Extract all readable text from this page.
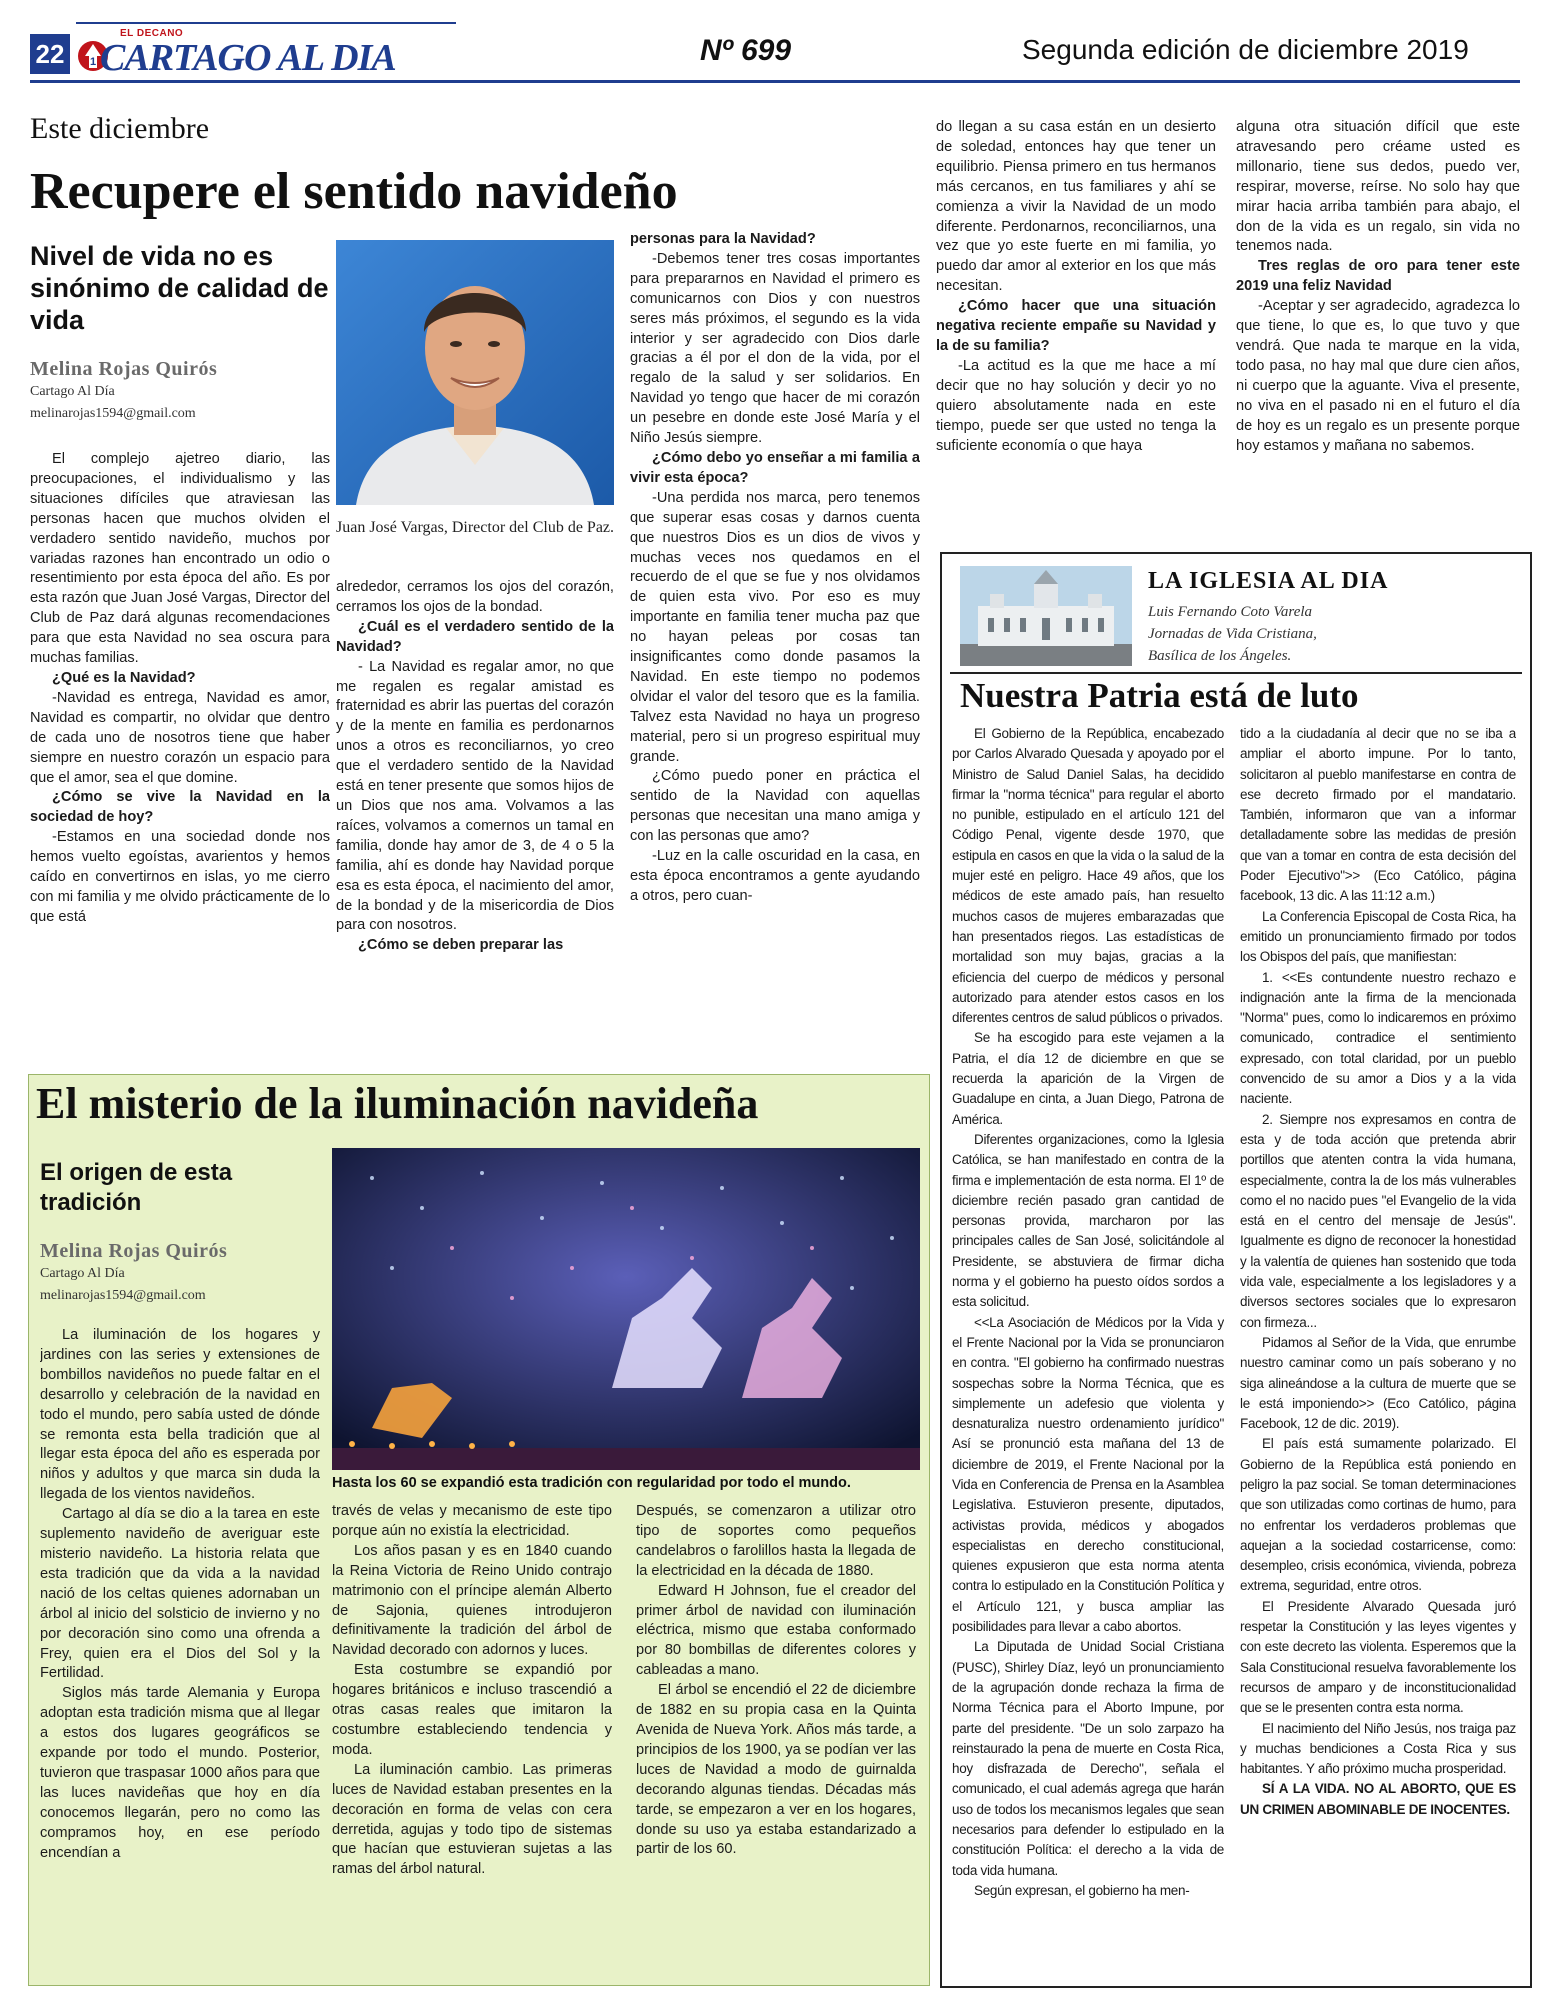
22	1
EL DECANO
CARTAGO AL DIA	Nº 699	Segunda edición de diciembre 2019
Este diciembre
Recupere el sentido navideño
Nivel de vida no es sinónimo de calidad de vida
Melina Rojas Quirós
Cartago Al Día
melinarojas1594@gmail.com
Juan José Vargas, Director del Club de Paz.

El complejo ajetreo diario, las preocupaciones, el individualismo y las situaciones difíciles que atraviesan las personas hacen que muchos olviden el verdadero sentido navideño, muchos por variadas razones han encontrado un odio o resentimiento por esta época del año. Es por esta razón que Juan José Vargas, Director del Club de Paz dará algunas recomendaciones para que esta Navidad no sea oscura para muchas familias.

¿Qué es la Navidad?

-Navidad es entrega, Navidad es amor, Navidad es compartir, no olvidar que dentro de cada uno de nosotros tiene que haber siempre en nuestro corazón un espacio para que el amor, sea el que domine.

¿Cómo se vive la Navidad en la sociedad de hoy?

-Estamos en una sociedad donde nos hemos vuelto egoístas, avarientos y hemos caído en convertirnos en islas, yo me cierro con mi familia y me olvido prácticamente de lo que está

alrededor, cerramos los ojos del corazón, cerramos los ojos de la bondad.

¿Cuál es el verdadero sentido de la Navidad?

- La Navidad es regalar amor, no que me regalen es regalar amistad es fraternidad es abrir las puertas del corazón y de la mente en familia es perdonarnos unos a otros es reconciliarnos, yo creo que el verdadero sentido de la Navidad está en tener presente que somos hijos de un Dios que nos ama. Volvamos a las raíces, volvamos a comernos un tamal en familia, donde hay amor de 3, de 4 o 5 la familia, ahí es donde hay Navidad porque esa es esta época, el nacimiento del amor, de la bondad y de la misericordia de Dios para con nosotros.

¿Cómo se deben preparar las

personas para la Navidad?

-Debemos tener tres cosas importantes para prepararnos en Navidad el primero es comunicarnos con Dios y con nuestros seres más próximos, el segundo es la vida interior y ser agradecido con Dios darle gracias a él por el don de la vida, por el regalo de la salud y ser solidarios. En Navidad yo tengo que hacer de mi corazón un pesebre en donde este José María y el Niño Jesús siempre.

¿Cómo debo yo enseñar a mi familia a vivir esta época?

-Una perdida nos marca, pero tenemos que superar esas cosas y darnos cuenta que nuestros Dios es un dios de vivos y muchas veces nos quedamos en el recuerdo de el que se fue y nos olvidamos de quien esta vivo. Por eso es muy importante en familia tener mucha paz que no hayan peleas por cosas tan insignificantes como donde pasamos la Navidad. En este tiempo no podemos olvidar el valor del tesoro que es la familia. Talvez esta Navidad no haya un progreso material, pero si un progreso espiritual muy grande.

¿Cómo puedo poner en práctica el sentido de la Navidad con aquellas personas que necesitan una mano amiga y con las personas que amo?

-Luz en la calle oscuridad en la casa, en esta época encontramos a gente ayudando a otros, pero cuan-

do llegan a su casa están en un desierto de soledad, entonces hay que tener un equilibrio. Piensa primero en tus hermanos más cercanos, en tus familiares y ahí se comienza a vivir la Navidad de un modo diferente. Perdonarnos, reconciliarnos, una vez que yo este fuerte en mi familia, yo puedo dar amor al exterior en los que más necesitan.

¿Cómo hacer que una situación negativa reciente empañe su Navidad y la de su familia?

-La actitud es la que me hace a mí decir que no hay solución y decir yo no quiero absolutamente nada en este tiempo, puede ser que usted no tenga la suficiente economía o que haya

alguna otra situación difícil que este atravesando pero créame usted es millonario, tiene sus dedos, puedo ver, respirar, moverse, reírse. No solo hay que mirar hacia arriba también para abajo, el don de la vida es un regalo, sin vida no tenemos nada.

Tres reglas de oro para tener este 2019 una feliz Navidad

-Aceptar y ser agradecido, agradezca lo que tiene, lo que es, lo que tuvo y que vendrá. Que nada te marque en la vida, todo pasa, no hay mal que dure cien años, ni cuerpo que la aguante. Viva el presente, no viva en el pasado ni en el futuro el día de hoy es un regalo es un presente porque hoy estamos y mañana no sabemos.

El misterio de la iluminación navideña
El origen de esta tradición
Melina Rojas Quirós
Cartago Al Día
melinarojas1594@gmail.com
Hasta los 60 se expandió esta tradición con regularidad por todo el mundo.

La iluminación de los hogares y jardines con las series y extensiones de bombillos navideños no puede faltar en el desarrollo y celebración de la navidad en todo el mundo, pero sabía usted de dónde se remonta esta bella tradición que al llegar esta época del año es esperada por niños y adultos y que marca sin duda la llegada de los vientos navideños.

Cartago al día se dio a la tarea en este suplemento navideño de averiguar este misterio navideño. La historia relata que esta tradición que da vida a la navidad nació de los celtas quienes adornaban un árbol al inicio del solsticio de invierno y no por decoración sino como una ofrenda a Frey, quien era el Dios del Sol y la Fertilidad.

Siglos más tarde Alemania y Europa adoptan esta tradición misma que al llegar a estos dos lugares geográficos se expande por todo el mundo. Posterior, tuvieron que traspasar 1000 años para que las luces navideñas que hoy en día conocemos llegarán, pero no como las compramos hoy, en ese período encendían a

través de velas y mecanismo de este tipo porque aún no existía la electricidad.

Los años pasan y es en 1840 cuando la Reina Victoria de Reino Unido contrajo matrimonio con el príncipe alemán Alberto de Sajonia, quienes introdujeron definitivamente la tradición del árbol de Navidad decorado con adornos y luces.

Esta costumbre se expandió por hogares británicos e incluso trascendió a otras casas reales que imitaron la costumbre estableciendo tendencia y moda.

La iluminación cambio. Las primeras luces de Navidad estaban presentes en la decoración en forma de velas con cera derretida, agujas y todo tipo de sistemas que hacían que estuvieran sujetas a las ramas del árbol natural.

Después, se comenzaron a utilizar otro tipo de soportes como pequeños candelabros o farolillos hasta la llegada de la electricidad en la década de 1880.

Edward H Johnson, fue el creador del primer árbol de navidad con iluminación eléctrica, mismo que estaba conformado por 80 bombillas de diferentes colores y cableadas a mano.

El árbol se encendió el 22 de diciembre de 1882 en su propia casa en la Quinta Avenida de Nueva York. Años más tarde, a principios de los 1900, ya se podían ver las luces de Navidad a modo de guirnalda decorando algunas tiendas. Décadas más tarde, se empezaron a ver en los hogares, donde su uso ya estaba estandarizado a partir de los 60.

LA IGLESIA AL DIA
Luis Fernando Coto Varela
Jornadas de Vida Cristiana,
Basílica de los Ángeles.
Nuestra Patria está de luto

El Gobierno de la República, encabezado por Carlos Alvarado Quesada y apoyado por el Ministro de Salud Daniel Salas, ha decidido firmar la "norma técnica" para regular el aborto no punible, estipulado en el artículo 121 del Código Penal, vigente desde 1970, que estipula en casos en que la vida o la salud de la mujer esté en peligro. Hace 49 años, que los médicos de este amado país, han resuelto muchos casos de mujeres embarazadas que han presentados riegos. Las estadísticas de mortalidad son muy bajas, gracias a la eficiencia del cuerpo de médicos y personal autorizado para atender estos casos en los diferentes centros de salud públicos o privados.

Se ha escogido para este vejamen a la Patria, el día 12 de diciembre en que se recuerda la aparición de la Virgen de Guadalupe en cinta, a Juan Diego, Patrona de América.

Diferentes organizaciones, como la Iglesia Católica, se han manifestado en contra de la firma e implementación de esta norma. El 1º de diciembre recién pasado gran cantidad de personas provida, marcharon por las principales calles de San José, solicitándole al Presidente, se abstuviera de firmar dicha norma y el gobierno ha puesto oídos sordos a esta solicitud.

<<La Asociación de Médicos por la Vida y el Frente Nacional por la Vida se pronunciaron en contra. "El gobierno ha confirmado nuestras sospechas sobre la Norma Técnica, que es simplemente un adefesio que violenta y desnaturaliza nuestro ordenamiento jurídico" Así se pronunció esta mañana del 13 de diciembre de 2019, el Frente Nacional por la Vida en Conferencia de Prensa en la Asamblea Legislativa. Estuvieron presente, diputados, activistas provida, médicos y abogados especialistas en derecho constitucional, quienes expusieron que esta norma atenta contra lo estipulado en la Constitución Política y el Artículo 121, y busca ampliar las posibilidades para llevar a cabo abortos.

La Diputada de Unidad Social Cristiana (PUSC), Shirley Díaz, leyó un pronunciamiento de la agrupación donde rechaza la firma de Norma Técnica para el Aborto Impune, por parte del presidente. "De un solo zarpazo ha reinstaurado la pena de muerte en Costa Rica, hoy disfrazada de Derecho", señala el comunicado, el cual además agrega que harán uso de todos los mecanismos legales que sean necesarios para defender lo estipulado en la constitución Política: el derecho a la vida de toda vida humana.

Según expresan, el gobierno ha men-

tido a la ciudadanía al decir que no se iba a ampliar el aborto impune. Por lo tanto, solicitaron al pueblo manifestarse en contra de ese decreto firmado por el mandatario. También, informaron que van a informar detalladamente sobre las medidas de presión que van a tomar en contra de esta decisión del Poder Ejecutivo">> (Eco Católico, página facebook, 13 dic. A las 11:12 a.m.)

La Conferencia Episcopal de Costa Rica, ha emitido un pronunciamiento firmado por todos los Obispos del país, que manifiestan:

1. <<Es contundente nuestro rechazo e indignación ante la firma de la mencionada "Norma" pues, como lo indicaremos en próximo comunicado, contradice el sentimiento expresado, con total claridad, por un pueblo convencido de su amor a Dios y a la vida naciente.

2. Siempre nos expresamos en contra de esta y de toda acción que pretenda abrir portillos que atenten contra la vida humana, especialmente, contra la de los más vulnerables como el no nacido pues "el Evangelio de la vida está en el centro del mensaje de Jesús". Igualmente es digno de reconocer la honestidad y la valentía de quienes han sostenido que toda vida vale, especialmente a los legisladores y a diversos sectores sociales que lo expresaron con firmeza...

Pidamos al Señor de la Vida, que enrumbe nuestro caminar como un país soberano y no siga alineándose a la cultura de muerte que se le está imponiendo>> (Eco Católico, página Facebook, 12 de dic. 2019).

El país está sumamente polarizado. El Gobierno de la República está poniendo en peligro la paz social. Se toman determinaciones que son utilizadas como cortinas de humo, para no enfrentar los verdaderos problemas que aquejan a la sociedad costarricense, como: desempleo, crisis económica, vivienda, pobreza extrema, seguridad, entre otros.

El Presidente Alvarado Quesada juró respetar la Constitución y las leyes vigentes y con este decreto las violenta. Esperemos que la Sala Constitucional resuelva favorablemente los recursos de amparo y de inconstitucionalidad que se le presenten contra esta norma.

El nacimiento del Niño Jesús, nos traiga paz y muchas bendiciones a Costa Rica y sus habitantes. Y año próximo mucha prosperidad.

SÍ A LA VIDA. NO AL ABORTO, QUE ES UN CRIMEN ABOMINABLE DE INOCENTES.
